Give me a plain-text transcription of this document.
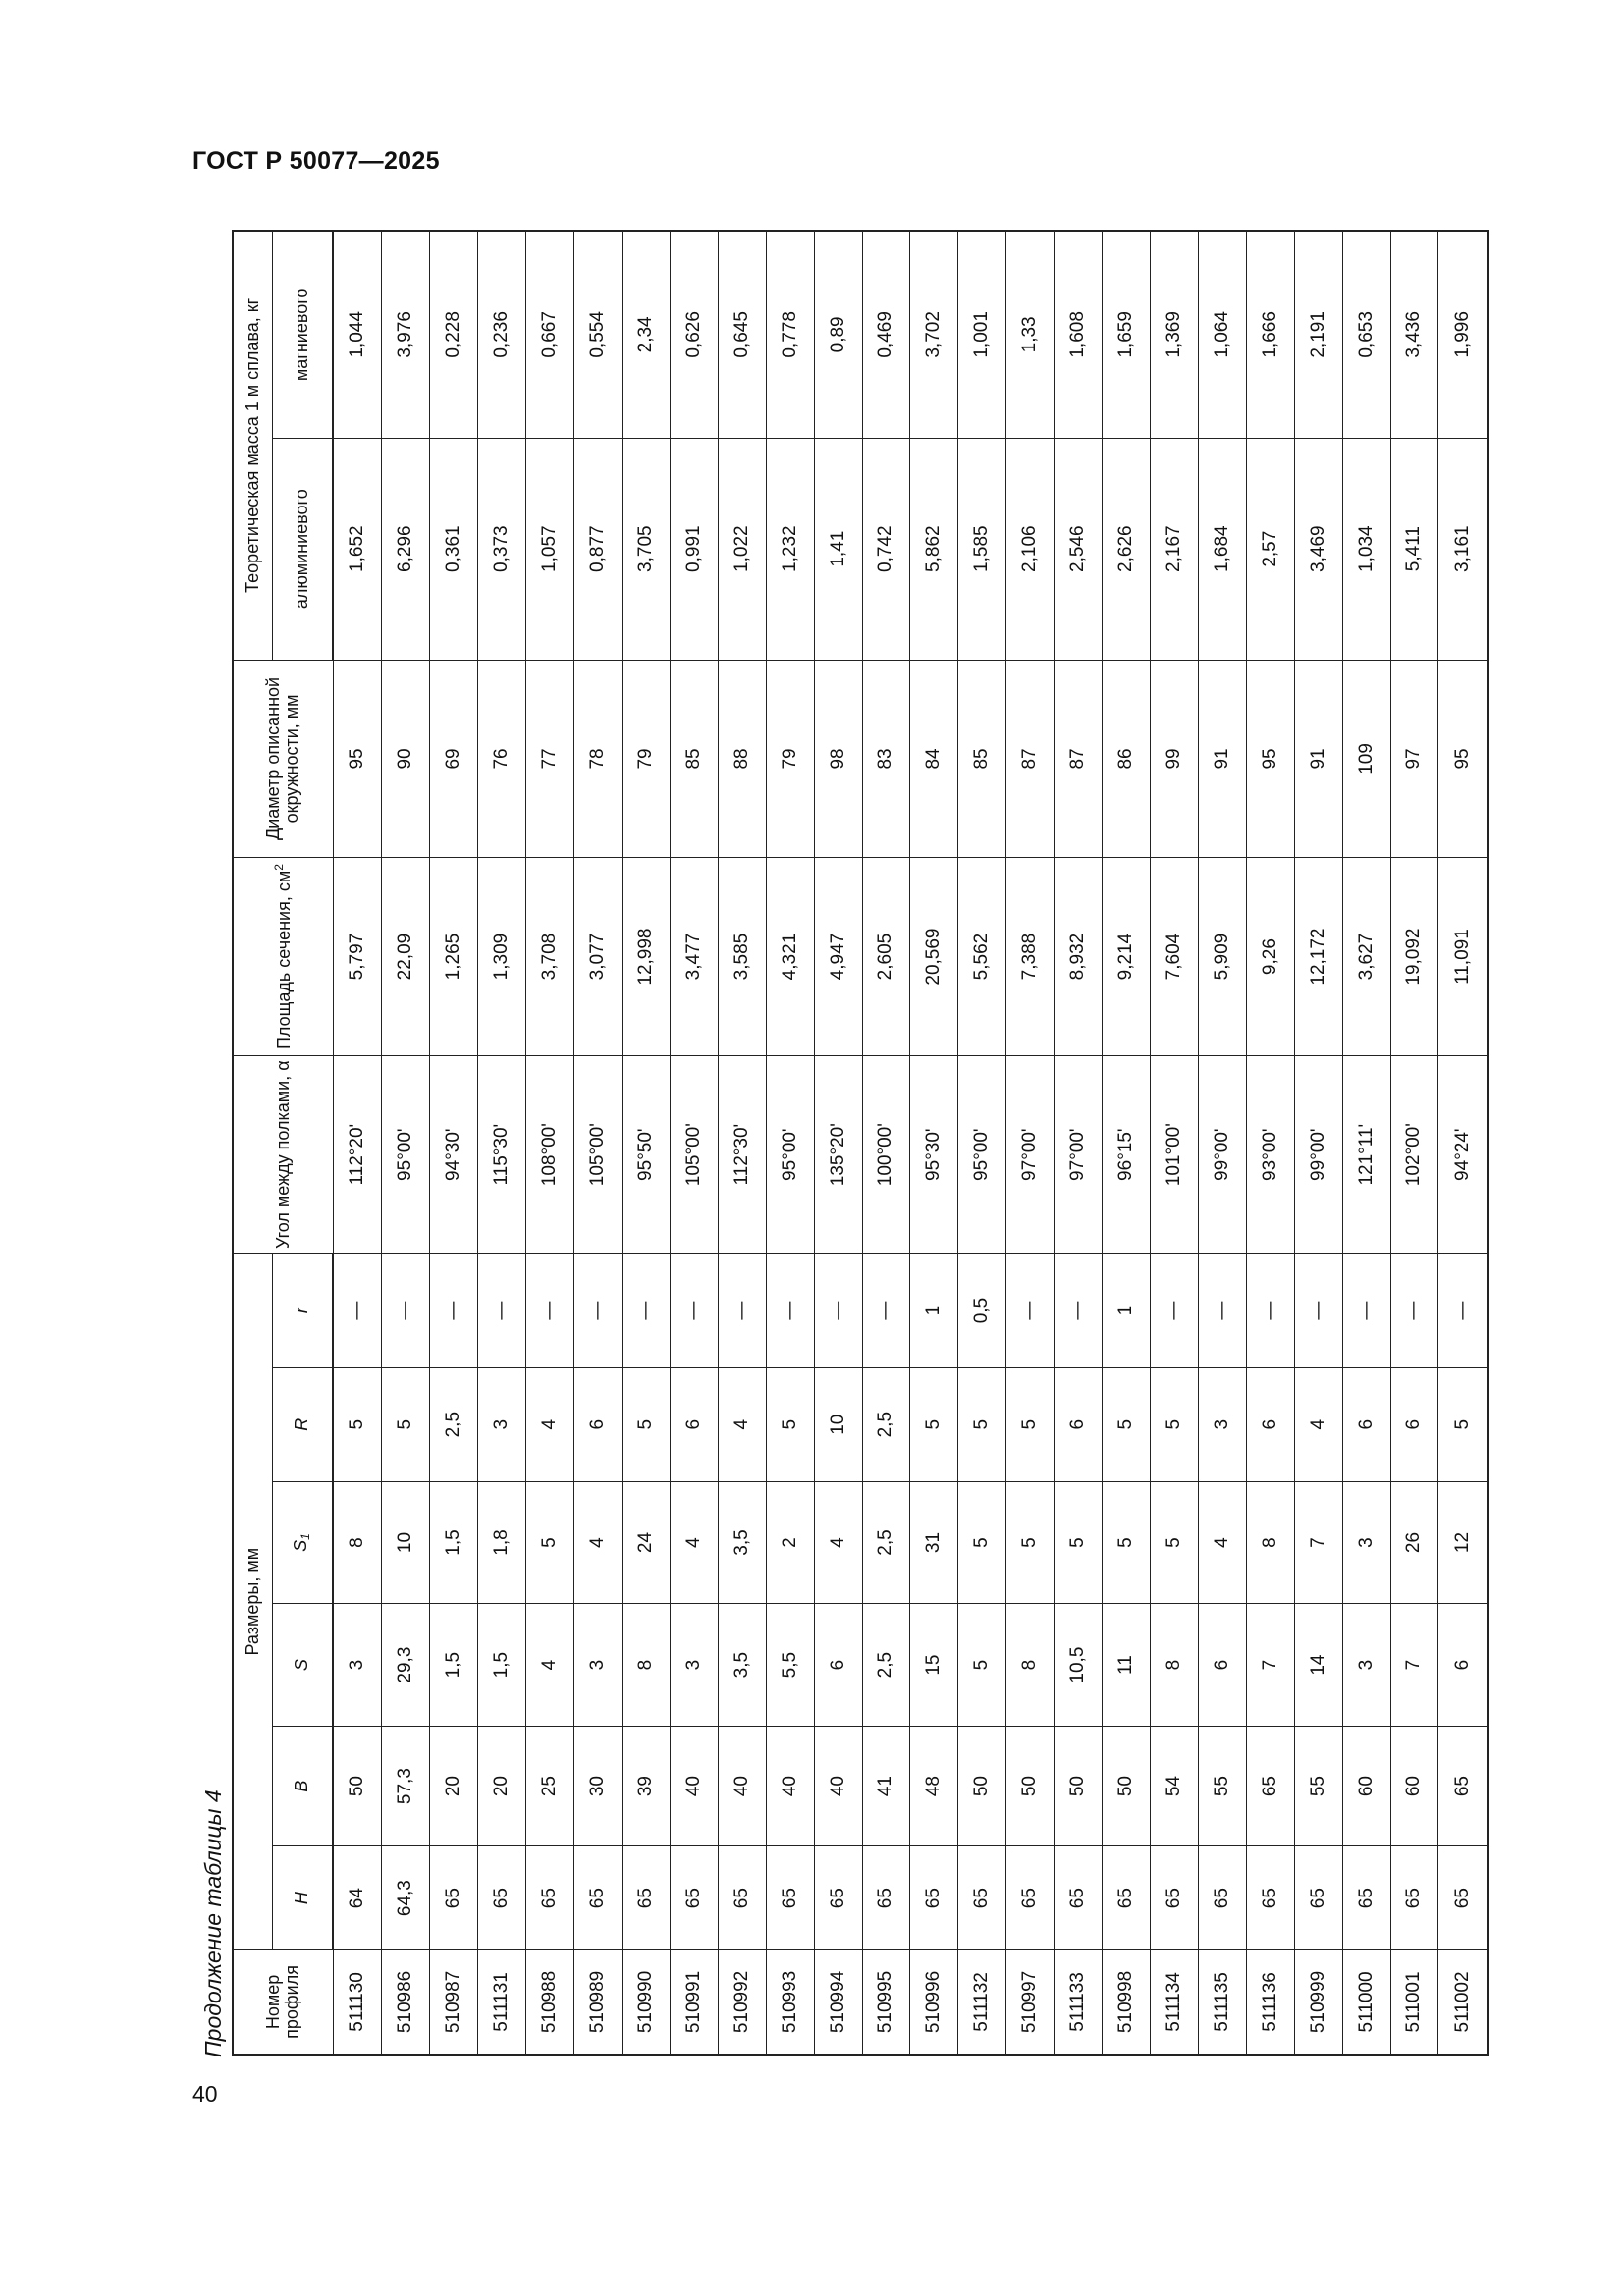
ГОСТ Р 50077—2025
Продолжение таблицы 4
40
Номер профиля	Размеры, мм						Угол между полками, α	Площадь сечения, $см^2$	Диаметр описанной окружности, мм	Теоретическая масса 1 м сплава, кг	
	H	B	S	$S_1$	R	r				алюминиевого	магниевого
511130	64	50	3	8	5	—	112°20'	5,797	95	1,652	1,044
510986	64,3	57,3	29,3	10	5	—	95°00'	22,09	90	6,296	3,976
510987	65	20	1,5	1,5	2,5	—	94°30'	1,265	69	0,361	0,228
511131	65	20	1,5	1,8	3	—	115°30'	1,309	76	0,373	0,236
510988	65	25	4	5	4	—	108°00'	3,708	77	1,057	0,667
510989	65	30	3	4	6	—	105°00'	3,077	78	0,877	0,554
510990	65	39	8	24	5	—	95°50'	12,998	79	3,705	2,34
510991	65	40	3	4	6	—	105°00'	3,477	85	0,991	0,626
510992	65	40	3,5	3,5	4	—	112°30'	3,585	88	1,022	0,645
510993	65	40	5,5	2	5	—	95°00'	4,321	79	1,232	0,778
510994	65	40	6	4	10	—	135°20'	4,947	98	1,41	0,89
510995	65	41	2,5	2,5	2,5	—	100°00'	2,605	83	0,742	0,469
510996	65	48	15	31	5	1	95°30'	20,569	84	5,862	3,702
511132	65	50	5	5	5	0,5	95°00'	5,562	85	1,585	1,001
510997	65	50	8	5	5	—	97°00'	7,388	87	2,106	1,33
511133	65	50	10,5	5	6	—	97°00'	8,932	87	2,546	1,608
510998	65	50	11	5	5	1	96°15'	9,214	86	2,626	1,659
511134	65	54	8	5	5	—	101°00'	7,604	99	2,167	1,369
511135	65	55	6	4	3	—	99°00'	5,909	91	1,684	1,064
511136	65	65	7	8	6	—	93°00'	9,26	95	2,57	1,666
510999	65	55	14	7	4	—	99°00'	12,172	91	3,469	2,191
511000	65	60	3	3	6	—	121°11'	3,627	109	1,034	0,653
511001	65	60	7	26	6	—	102°00'	19,092	97	5,411	3,436
511002	65	65	6	12	5	—	94°24'	11,091	95	3,161	1,996
